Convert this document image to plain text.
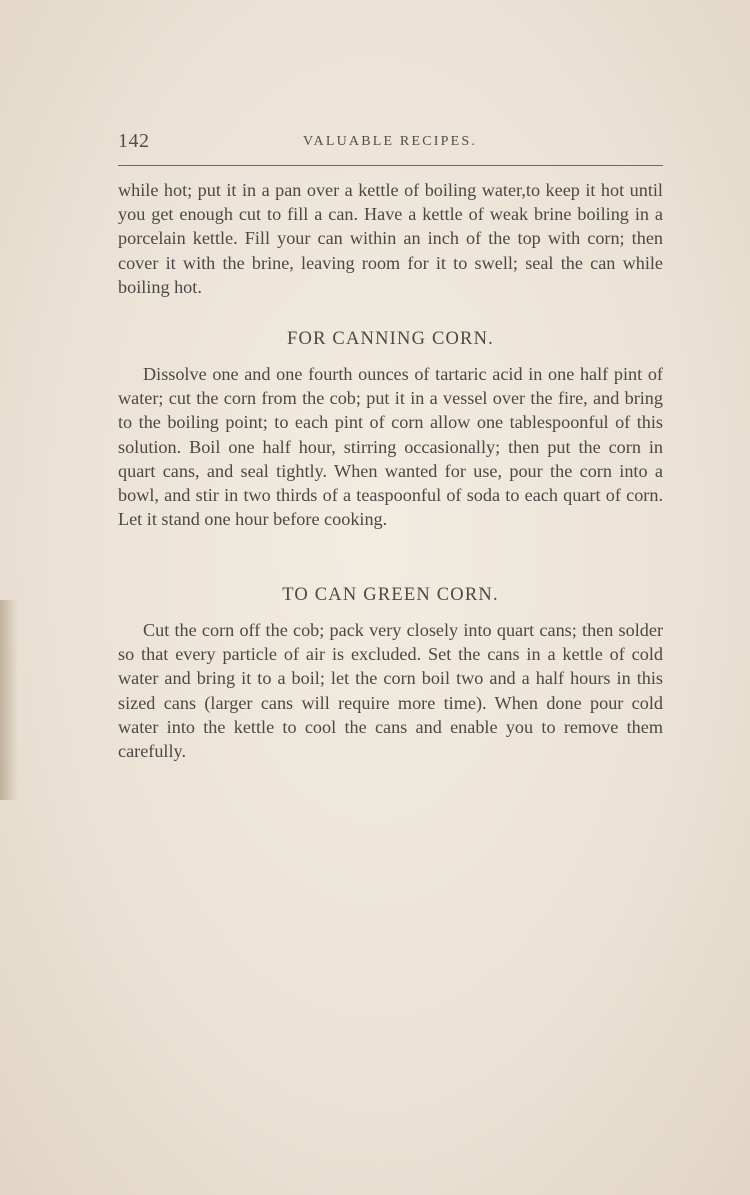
142	VALUABLE RECIPES.

while hot; put it in a pan over a kettle of boiling water,to keep it hot until you get enough cut to fill a can. Have a kettle of weak brine boiling in a porcelain kettle. Fill your can within an inch of the top with corn; then cover it with the brine, leaving room for it to swell; seal the can while boiling hot.

FOR CANNING CORN.

Dissolve one and one fourth ounces of tartaric acid in one half pint of water; cut the corn from the cob; put it in a vessel over the fire, and bring to the boiling point; to each pint of corn allow one tablespoonful of this solution. Boil one half hour, stirring occasionally; then put the corn in quart cans, and seal tightly. When wanted for use, pour the corn into a bowl, and stir in two thirds of a teaspoonful of soda to each quart of corn. Let it stand one hour before cooking.

TO CAN GREEN CORN.

Cut the corn off the cob; pack very closely into quart cans; then solder so that every particle of air is excluded. Set the cans in a kettle of cold water and bring it to a boil; let the corn boil two and a half hours in this sized cans (larger cans will require more time). When done pour cold water into the kettle to cool the cans and enable you to remove them carefully.
